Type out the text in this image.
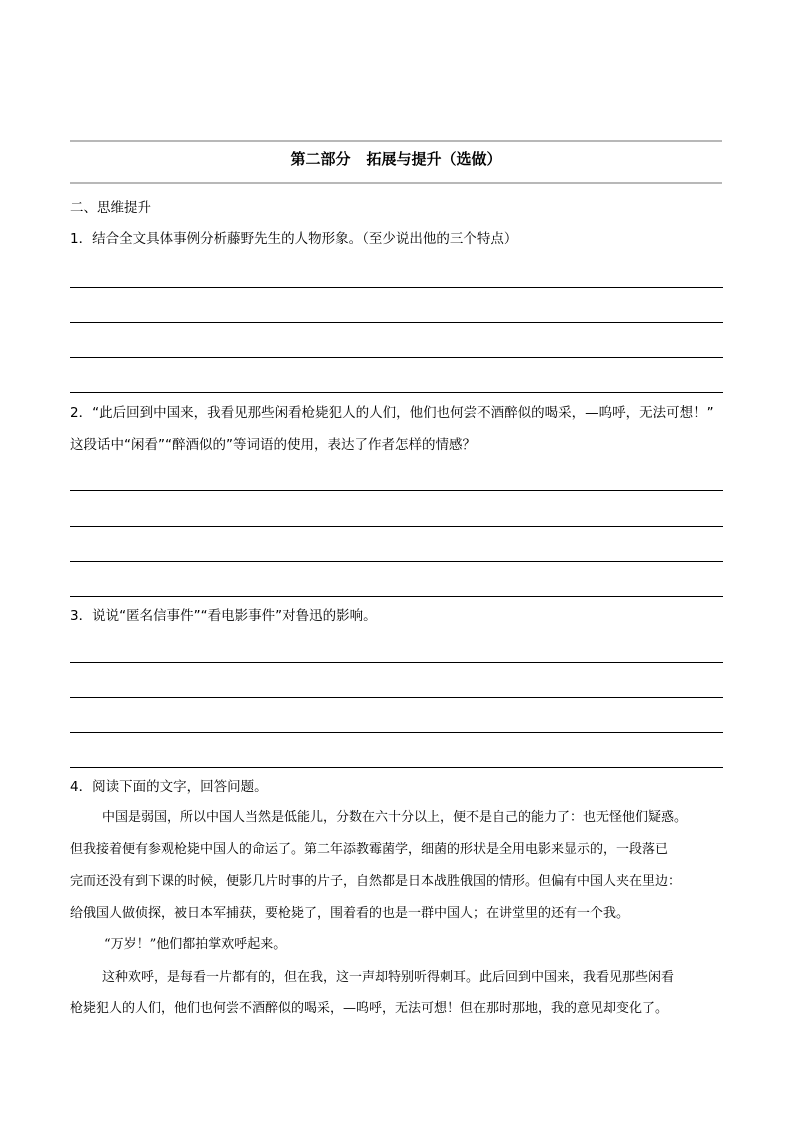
第二部分 拓展与提升（选做）
二、思维提升
1．结合全文具体事例分析藤野先生的人物形象。（至少说出他的三个特点）
2．“此后回到中国来，我看见那些闲看枪毙犯人的人们，他们也何尝不酒醉似的喝采，—呜呼，无法可想！”
这段话中“闲看”“醉酒似的”等词语的使用，表达了作者怎样的情感？
3．说说“匿名信事件”“看电影事件”对鲁迅的影响。
4．阅读下面的文字，回答问题。
中国是弱国，所以中国人当然是低能儿，分数在六十分以上，便不是自己的能力了：也无怪他们疑惑。
但我接着便有参观枪毙中国人的命运了。第二年添教霉菌学，细菌的形状是全用电影来显示的，一段落已
完而还没有到下课的时候，便影几片时事的片子，自然都是日本战胜俄国的情形。但偏有中国人夹在里边：
给俄国人做侦探，被日本军捕获，要枪毙了，围着看的也是一群中国人；在讲堂里的还有一个我。
“万岁！”他们都拍掌欢呼起来。
这种欢呼，是每看一片都有的，但在我，这一声却特别听得刺耳。此后回到中国来，我看见那些闲看
枪毙犯人的人们，他们也何尝不酒醉似的喝采，—呜呼，无法可想！但在那时那地，我的意见却变化了。
